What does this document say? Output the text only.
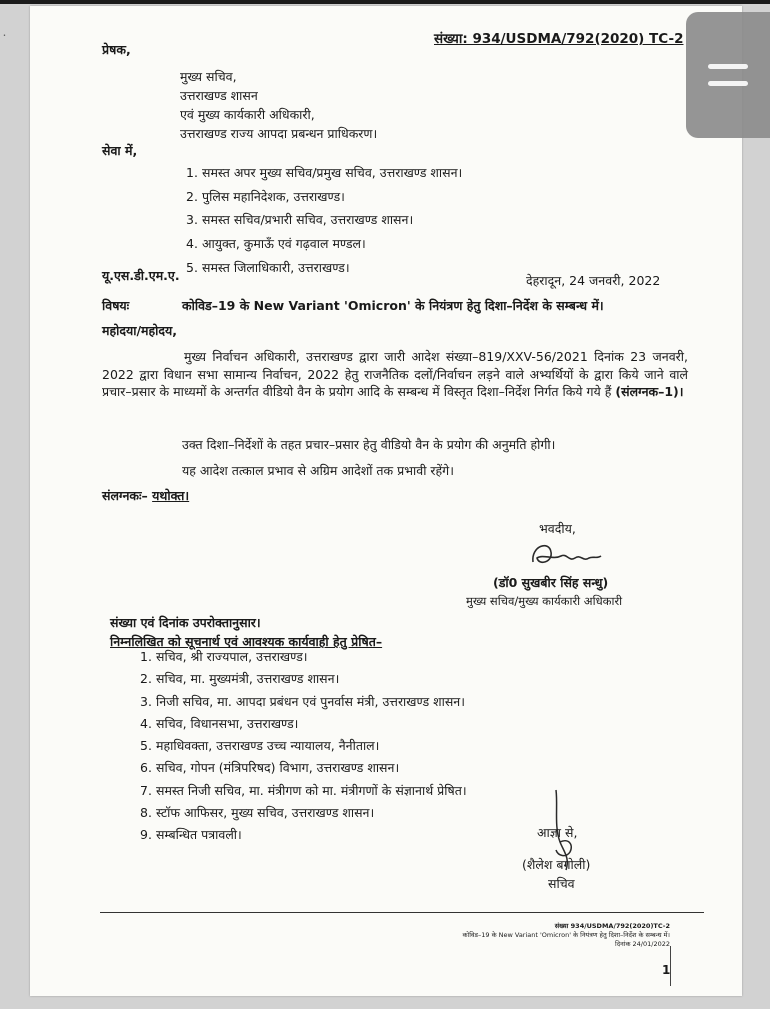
•	संख्या: 934/USDMA/792(2020) TC-2
प्रेषक,
मुख्य सचिव,
उत्तराखण्ड शासन
एवं मुख्य कार्यकारी अधिकारी,
उत्तराखण्ड राज्य आपदा प्रबन्धन प्राधिकरण।
सेवा में,
1. समस्त अपर मुख्य सचिव/प्रमुख सचिव, उत्तराखण्ड शासन।
2. पुलिस महानिदेशक, उत्तराखण्ड।
3. समस्त सचिव/प्रभारी सचिव, उत्तराखण्ड शासन।
4. आयुक्त, कुमाऊँ एवं गढ़वाल मण्डल।
5. समस्त जिलाधिकारी, उत्तराखण्ड।
यू.एस.डी.एम.ए.	देहरादून, 24 जनवरी, 2022
विषयः	कोविड–19 के New Variant 'Omicron' के नियंत्रण हेतु दिशा–निर्देश के सम्बन्ध में।
महोदया/महोदय,
मुख्य निर्वाचन अधिकारी, उत्तराखण्ड द्वारा जारी आदेश संख्या–819/XXV-56/2021 दिनांक 23 जनवरी, 2022 द्वारा विधान सभा सामान्य निर्वाचन, 2022 हेतु राजनैतिक दलों/निर्वाचन लड़ने वाले अभ्यर्थियों के द्वारा किये जाने वाले प्रचार–प्रसार के माध्यमों के अन्तर्गत वीडियो वैन के प्रयोग आदि के सम्बन्ध में विस्तृत दिशा–निर्देश निर्गत किये गये हैं (संलग्नक–1)।
उक्त दिशा–निर्देशों के तहत प्रचार–प्रसार हेतु वीडियो वैन के प्रयोग की अनुमति होगी।
यह आदेश तत्काल प्रभाव से अग्रिम आदेशों तक प्रभावी रहेंगे।
संलग्नकः– यथोक्त।
भवदीय,
(डॉ0 सुखबीर सिंह सन्धु)
मुख्य सचिव/मुख्य कार्यकारी अधिकारी
संख्या एवं दिनांक उपरोक्तानुसार।
निम्नलिखित को सूचनार्थ एवं आवश्यक कार्यवाही हेतु प्रेषित–
1. सचिव, श्री राज्यपाल, उत्तराखण्ड।
2. सचिव, मा. मुख्यमंत्री, उत्तराखण्ड शासन।
3. निजी सचिव, मा. आपदा प्रबंधन एवं पुनर्वास मंत्री, उत्तराखण्ड शासन।
4. सचिव, विधानसभा, उत्तराखण्ड।
5. महाधिवक्ता, उत्तराखण्ड उच्च न्यायालय, नैनीताल।
6. सचिव, गोपन (मंत्रिपरिषद) विभाग, उत्तराखण्ड शासन।
7. समस्त निजी सचिव, मा. मंत्रीगण को मा. मंत्रीगणों के संज्ञानार्थ प्रेषित।
8. स्टॉफ आफिसर, मुख्य सचिव, उत्तराखण्ड शासन।
9. सम्बन्धित पत्रावली।	आज्ञा से,
(शैलेश बगोली)
सचिव
संख्या 934/USDMA/792(2020)TC-2
कोविड–19 के New Variant 'Omicron' के नियंत्रण हेतु दिशा–निर्देश के सम्बन्ध में।
दिनांक 24/01/2022
1
